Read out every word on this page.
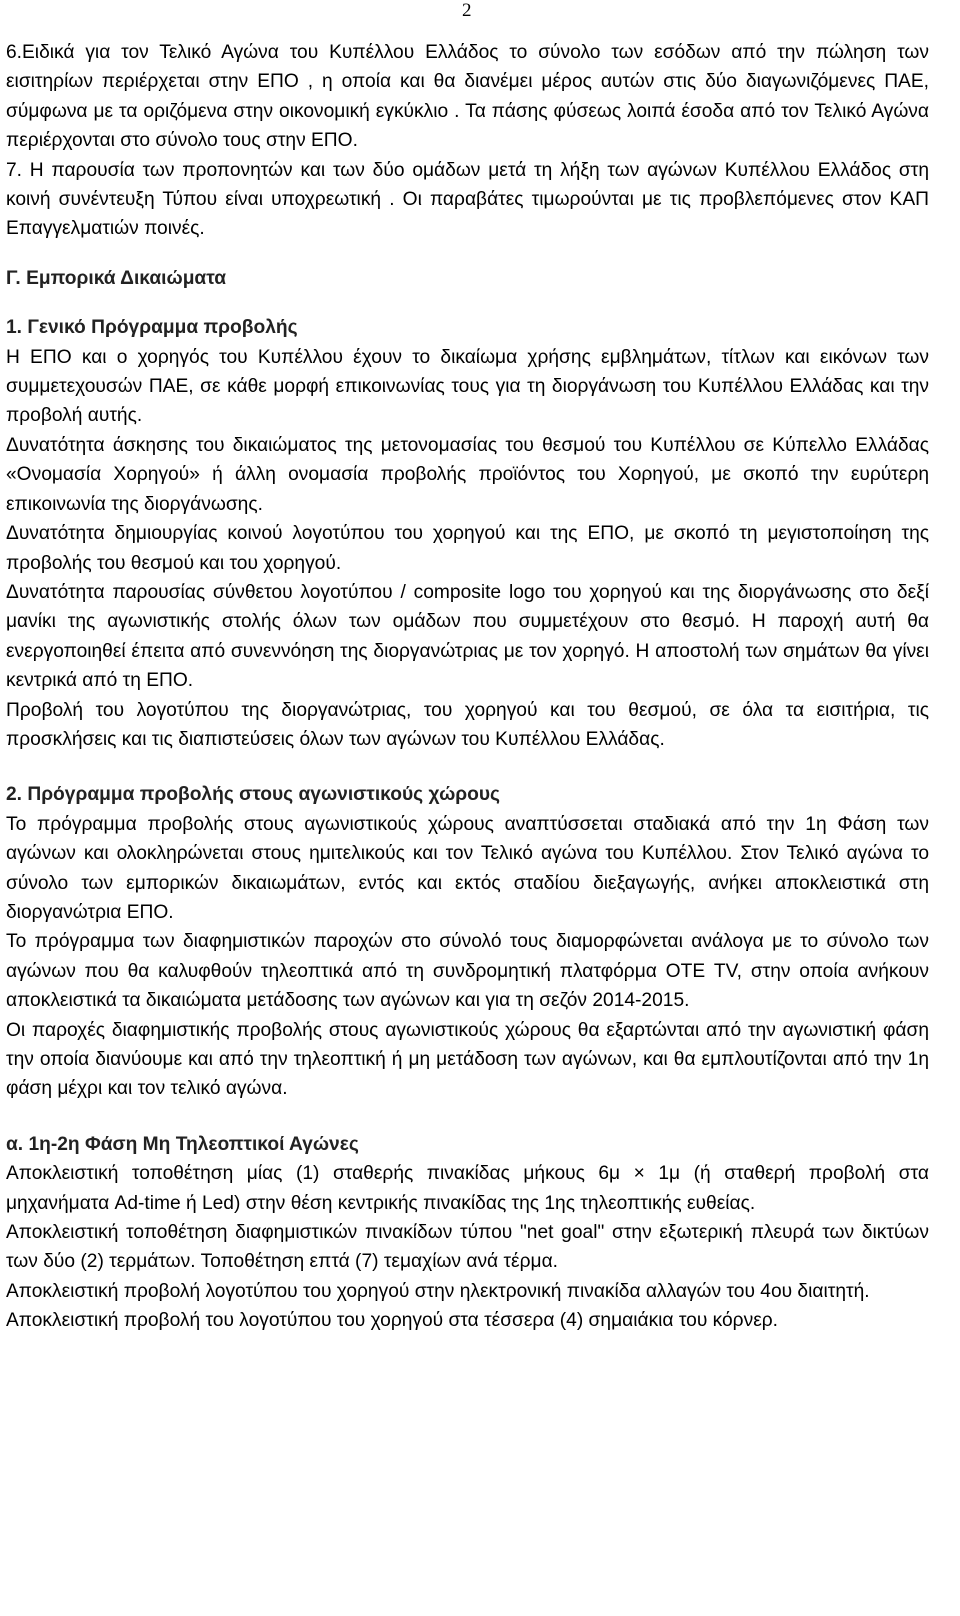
2

6.Ειδικά για τον Τελικό Αγώνα του Κυπέλλου Ελλάδος το σύνολο των εσόδων από την πώληση των εισιτηρίων περιέρχεται στην ΕΠΟ , η οποία και θα διανέμει μέρος αυτών στις δύο διαγωνιζόμενες ΠΑΕ, σύμφωνα με τα οριζόμενα στην οικονομική εγκύκλιο . Τα πάσης φύσεως λοιπά έσοδα από τον Τελικό Αγώνα περιέρχονται στο σύνολο τους στην ΕΠΟ.

7. Η παρουσία των προπονητών και των δύο ομάδων μετά τη λήξη των αγώνων Κυπέλλου Ελλάδος στη κοινή συνέντευξη Τύπου είναι υποχρεωτική . Οι παραβάτες τιμωρούνται με τις προβλεπόμενες στον ΚΑΠ Επαγγελματιών ποινές.

Γ. Εμπορικά Δικαιώματα

1. Γενικό Πρόγραμμα προβολής

Η ΕΠΟ και ο χορηγός του Κυπέλλου έχουν το δικαίωμα χρήσης εμβλημάτων, τίτλων και εικόνων των συμμετεχουσών ΠΑΕ, σε κάθε μορφή επικοινωνίας τους για τη διοργάνωση του Κυπέλλου Ελλάδας και την προβολή αυτής.

Δυνατότητα άσκησης του δικαιώματος της μετονομασίας του θεσμού του Κυπέλλου σε Κύπελλο Ελλάδας «Ονομασία Χορηγού» ή άλλη ονομασία προβολής προϊόντος του Χορηγού, με σκοπό την ευρύτερη επικοινωνία της διοργάνωσης.

Δυνατότητα δημιουργίας κοινού λογοτύπου του χορηγού και της ΕΠΟ, με σκοπό τη μεγιστοποίηση της προβολής του θεσμού και του χορηγού.

Δυνατότητα παρουσίας σύνθετου λογοτύπου / composite logo του χορηγού και της διοργάνωσης στο δεξί μανίκι της αγωνιστικής στολής όλων των ομάδων που συμμετέχουν στο θεσμό. Η παροχή αυτή θα ενεργοποιηθεί έπειτα από συνεννόηση της διοργανώτριας με τον χορηγό. Η αποστολή των σημάτων θα γίνει κεντρικά από τη ΕΠΟ.

Προβολή του λογοτύπου της διοργανώτριας, του χορηγού και του θεσμού, σε όλα τα εισιτήρια, τις προσκλήσεις και τις διαπιστεύσεις όλων των αγώνων του Κυπέλλου Ελλάδας.

2. Πρόγραμμα προβολής στους αγωνιστικούς χώρους

Το πρόγραμμα προβολής στους αγωνιστικούς χώρους αναπτύσσεται σταδιακά από την 1η Φάση των αγώνων και ολοκληρώνεται στους ημιτελικούς και τον Τελικό αγώνα του Κυπέλλου. Στον Τελικό αγώνα το σύνολο των εμπορικών δικαιωμάτων, εντός και εκτός σταδίου διεξαγωγής, ανήκει αποκλειστικά στη διοργανώτρια ΕΠΟ.

Το πρόγραμμα των διαφημιστικών παροχών στο σύνολό τους διαμορφώνεται ανάλογα με το σύνολο των αγώνων που θα καλυφθούν τηλεοπτικά από τη συνδρομητική πλατφόρμα ΟΤΕ TV, στην οποία ανήκουν αποκλειστικά τα δικαιώματα μετάδοσης των αγώνων και για τη σεζόν 2014-2015.

Οι παροχές διαφημιστικής προβολής στους αγωνιστικούς χώρους θα εξαρτώνται από την αγωνιστική φάση την οποία διανύουμε και από την τηλεοπτική ή μη μετάδοση των αγώνων, και θα εμπλουτίζονται από την 1η φάση μέχρι και τον τελικό αγώνα.

α. 1η-2η Φάση Μη Τηλεοπτικοί Αγώνες

Αποκλειστική τοποθέτηση μίας (1) σταθερής πινακίδας μήκους 6μ × 1μ (ή σταθερή προβολή στα μηχανήματα Ad-time ή Led) στην θέση κεντρικής πινακίδας της 1ης τηλεοπτικής ευθείας.

Αποκλειστική τοποθέτηση διαφημιστικών πινακίδων τύπου "net goal" στην εξωτερική πλευρά των δικτύων των δύο (2) τερμάτων. Τοποθέτηση επτά (7) τεμαχίων ανά τέρμα.

Αποκλειστική προβολή λογοτύπου του χορηγού στην ηλεκτρονική πινακίδα αλλαγών του 4ου διαιτητή.

Αποκλειστική προβολή του λογοτύπου του χορηγού στα τέσσερα (4) σημαιάκια του κόρνερ.
